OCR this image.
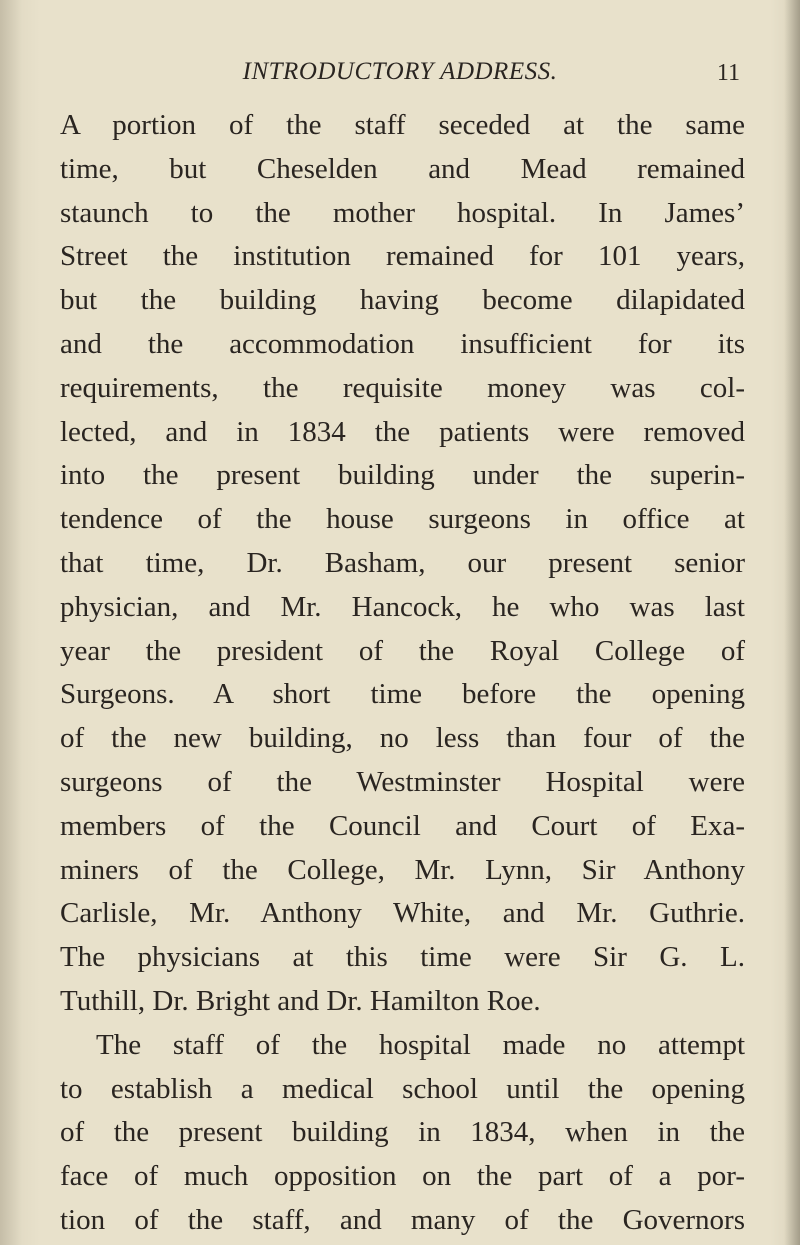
INTRODUCTORY ADDRESS.	11
A portion of the staff seceded at the same
time, but Cheselden and Mead remained
staunch to the mother hospital. In James’
Street the institution remained for 101 years,
but the building having become dilapidated
and the accommodation insufficient for its
requirements, the requisite money was col-
lected, and in 1834 the patients were removed
into the present building under the superin-
tendence of the house surgeons in office at
that time, Dr. Basham, our present senior
physician, and Mr. Hancock, he who was last
year the president of the Royal College of
Surgeons. A short time before the opening
of the new building, no less than four of the
surgeons of the Westminster Hospital were
members of the Council and Court of Exa-
miners of the College, Mr. Lynn, Sir Anthony
Carlisle, Mr. Anthony White, and Mr. Guthrie.
The physicians at this time were Sir G. L.
Tuthill, Dr. Bright and Dr. Hamilton Roe.
The staff of the hospital made no attempt
to establish a medical school until the opening
of the present building in 1834, when in the
face of much opposition on the part of a por-
tion of the staff, and many of the Governors
